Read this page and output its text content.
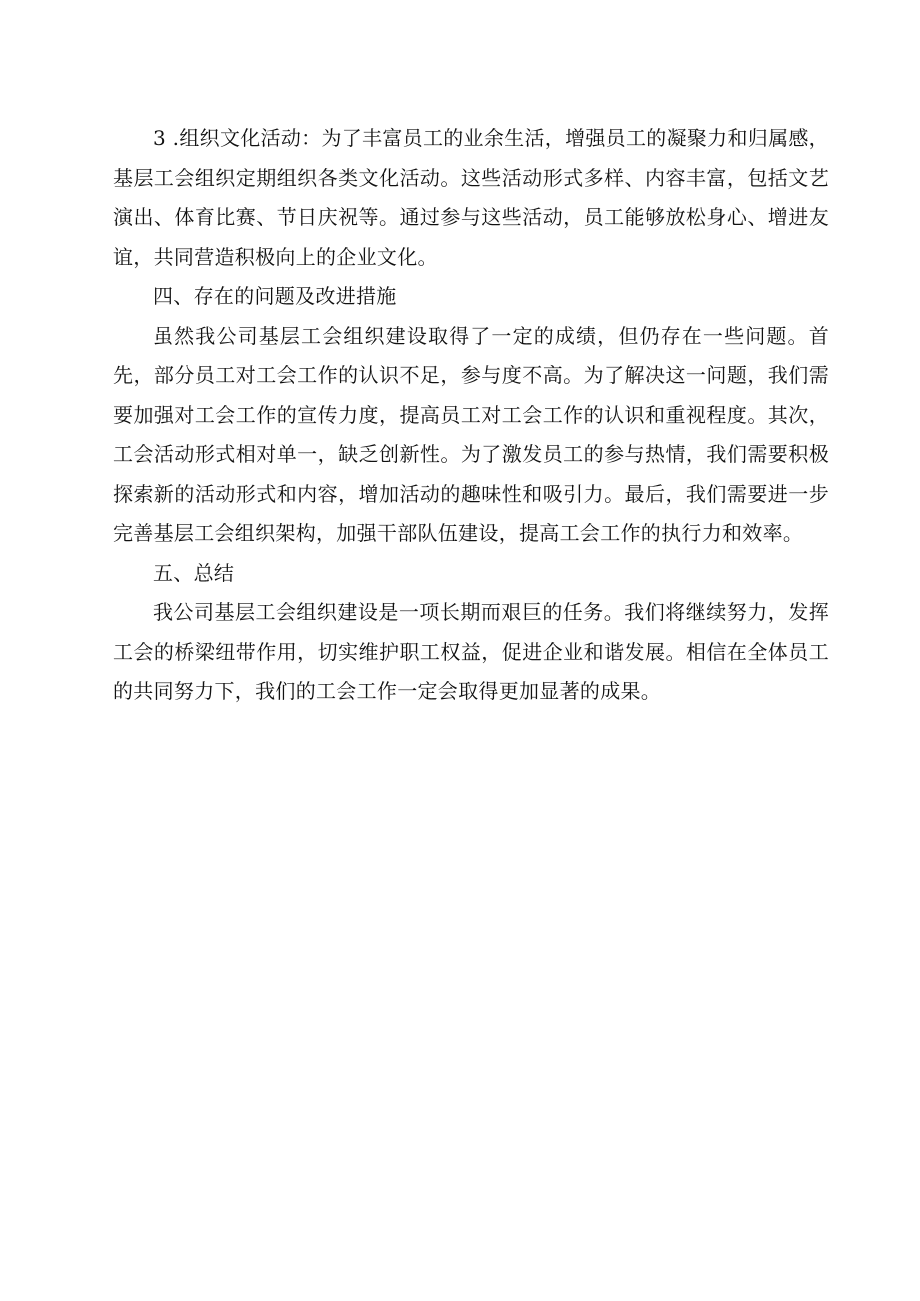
3 .组织文化活动：为了丰富员工的业余生活，增强员工的凝聚力和归属感，基层工会组织定期组织各类文化活动。这些活动形式多样、内容丰富，包括文艺演出、体育比赛、节日庆祝等。通过参与这些活动，员工能够放松身心、增进友谊，共同营造积极向上的企业文化。

四、存在的问题及改进措施

虽然我公司基层工会组织建设取得了一定的成绩，但仍存在一些问题。首先，部分员工对工会工作的认识不足，参与度不高。为了解决这一问题，我们需要加强对工会工作的宣传力度，提高员工对工会工作的认识和重视程度。其次，工会活动形式相对单一，缺乏创新性。为了激发员工的参与热情，我们需要积极探索新的活动形式和内容，增加活动的趣味性和吸引力。最后，我们需要进一步完善基层工会组织架构，加强干部队伍建设，提高工会工作的执行力和效率。

五、总结

我公司基层工会组织建设是一项长期而艰巨的任务。我们将继续努力，发挥工会的桥梁纽带作用，切实维护职工权益，促进企业和谐发展。相信在全体员工的共同努力下，我们的工会工作一定会取得更加显著的成果。
